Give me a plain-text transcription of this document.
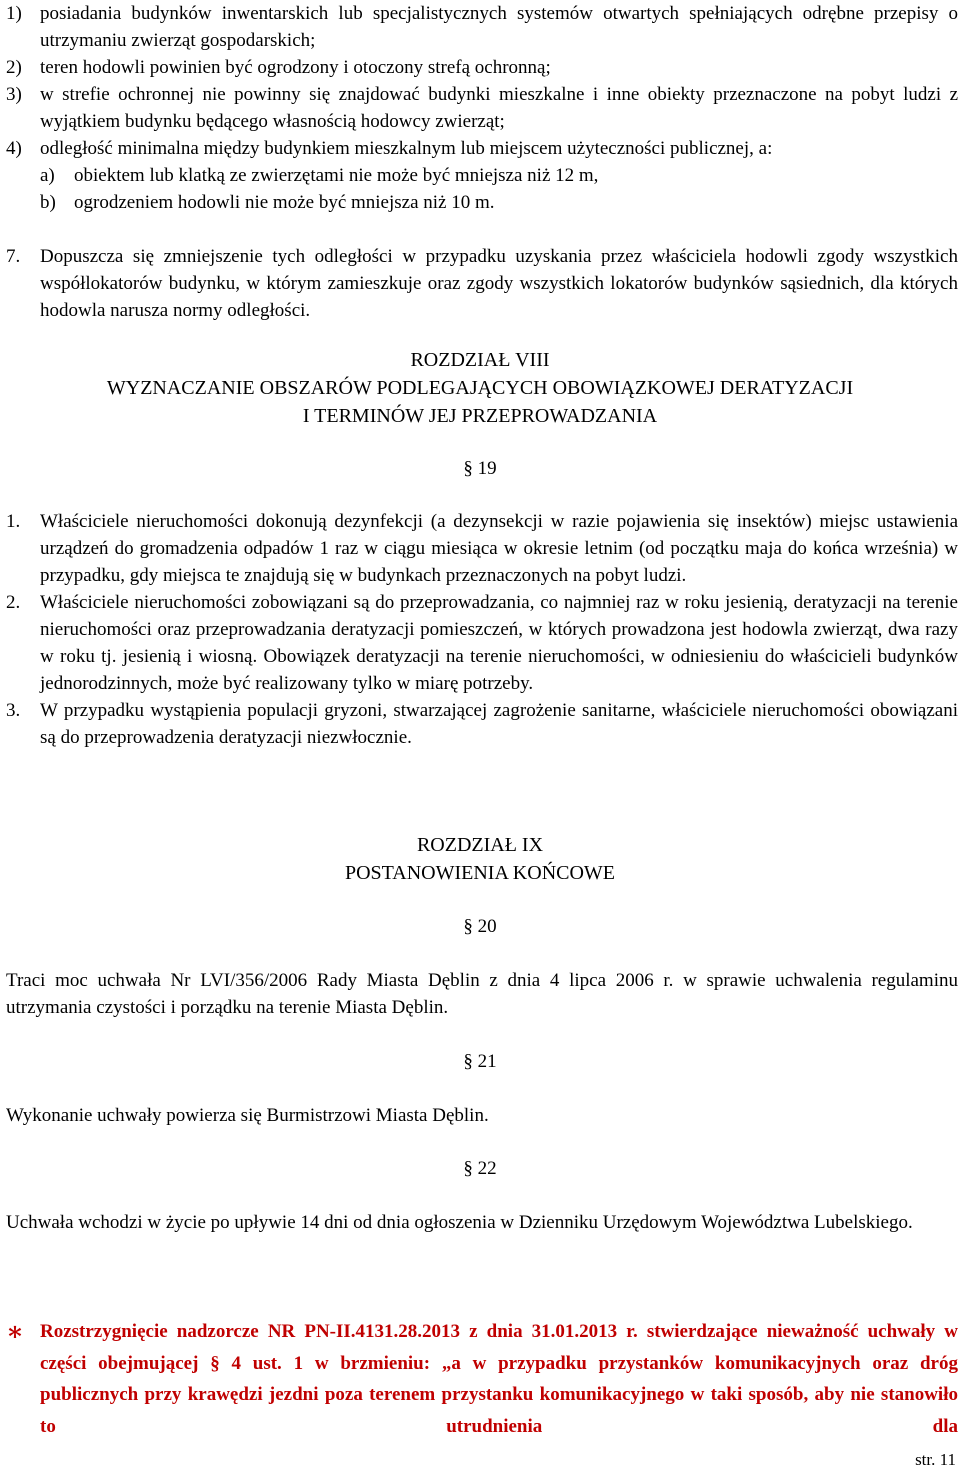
1) posiadania budynków inwentarskich lub specjalistycznych systemów otwartych spełniających odrębne przepisy o utrzymaniu zwierząt gospodarskich;
2) teren hodowli powinien być ogrodzony i otoczony strefą ochronną;
3) w strefie ochronnej nie powinny się znajdować budynki mieszkalne i inne obiekty przeznaczone na pobyt ludzi z wyjątkiem budynku będącego własnością hodowcy zwierząt;
4) odległość minimalna między budynkiem mieszkalnym lub miejscem użyteczności publicznej, a:
a) obiektem lub klatką ze zwierzętami nie może być mniejsza niż 12 m,
b) ogrodzeniem hodowli nie może być mniejsza niż 10 m.
7. Dopuszcza się zmniejszenie tych odległości w przypadku uzyskania przez właściciela hodowli zgody wszystkich współlokatorów budynku, w którym zamieszkuje oraz zgody wszystkich lokatorów budynków sąsiednich, dla których hodowla narusza normy odległości.
ROZDZIAŁ VIII
WYZNACZANIE OBSZARÓW PODLEGAJĄCYCH OBOWIĄZKOWEJ DERATYZACJI
I TERMINÓW JEJ PRZEPROWADZANIA
§ 19
1. Właściciele nieruchomości dokonują dezynfekcji (a dezynsekcji w razie pojawienia się insektów) miejsc ustawienia urządzeń do gromadzenia odpadów 1 raz w ciągu miesiąca w okresie letnim (od początku maja do końca września) w przypadku, gdy miejsca te znajdują się w budynkach przeznaczonych na pobyt ludzi.
2. Właściciele nieruchomości zobowiązani są do przeprowadzania, co najmniej raz w roku jesienią, deratyzacji na terenie nieruchomości oraz przeprowadzania deratyzacji pomieszczeń, w których prowadzona jest hodowla zwierząt, dwa razy w roku tj. jesienią i wiosną. Obowiązek deratyzacji na terenie nieruchomości, w odniesieniu do właścicieli budynków jednorodzinnych, może być realizowany tylko w miarę potrzeby.
3. W przypadku wystąpienia populacji gryzoni, stwarzającej zagrożenie sanitarne, właściciele nieruchomości obowiązani są do przeprowadzenia deratyzacji niezwłocznie.
ROZDZIAŁ IX
POSTANOWIENIA KOŃCOWE
§ 20
Traci moc uchwała Nr LVI/356/2006 Rady Miasta Dęblin z dnia 4 lipca 2006 r. w sprawie uchwalenia regulaminu utrzymania czystości i porządku na terenie Miasta Dęblin.
§ 21
Wykonanie uchwały powierza się Burmistrzowi Miasta Dęblin.
§ 22
Uchwała wchodzi w życie po upływie 14 dni od dnia ogłoszenia w Dzienniku Urzędowym Województwa Lubelskiego.
∗ Rozstrzygnięcie nadzorcze NR PN-II.4131.28.2013 z dnia 31.01.2013 r. stwierdzające nieważność uchwały w części obejmującej § 4 ust. 1 w brzmieniu: „a w przypadku przystanków komunikacyjnych oraz dróg publicznych przy krawędzi jezdni poza terenem przystanku komunikacyjnego w taki sposób, aby nie stanowiło to utrudnienia dla
str. 11
